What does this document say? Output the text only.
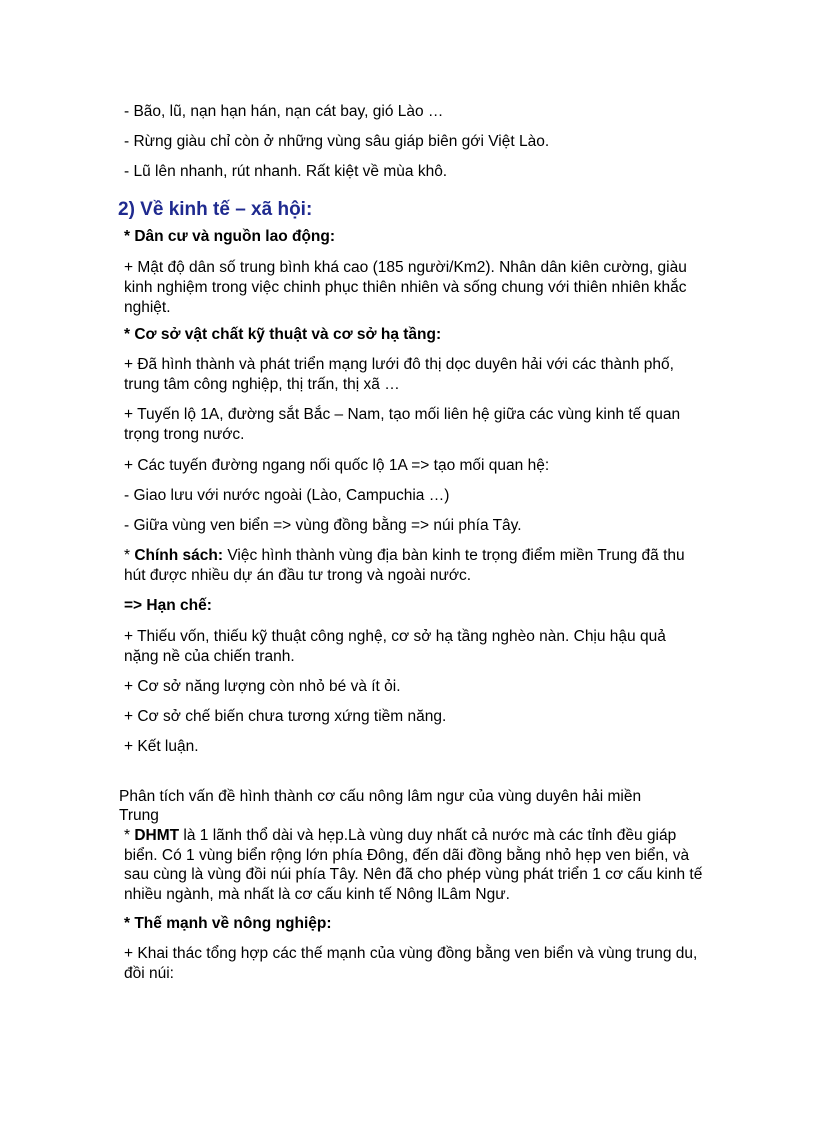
- Bão, lũ, nạn hạn hán, nạn cát bay, gió Lào …

- Rừng giàu chỉ còn ở những vùng sâu giáp biên gới Việt Lào.

- Lũ lên nhanh, rút nhanh. Rất kiệt về mùa khô.

2) Về kinh tế – xã hội:

* Dân cư và nguồn lao động:

+ Mật độ dân số trung bình khá cao (185 người/Km2). Nhân dân kiên cường, giàu kinh nghiệm trong việc chinh phục thiên nhiên và sống chung với thiên nhiên khắc nghiệt.

* Cơ sở vật chất kỹ thuật và cơ sở hạ tầng:

+ Đã hình thành và phát triển mạng lưới đô thị dọc duyên hải với các thành phố, trung tâm công nghiệp, thị trấn, thị xã …

+ Tuyến lộ 1A, đường sắt Bắc – Nam, tạo mối liên hệ giữa các vùng kinh tế quan trọng trong nước.

+ Các tuyến đường ngang nối quốc lộ 1A => tạo mối quan hệ:

- Giao lưu với nước ngoài (Lào, Campuchia …)

- Giữa vùng ven biển => vùng đồng bằng => núi phía Tây.

* Chính sách: Việc hình thành vùng địa bàn kinh te trọng điểm miền Trung đã thu hút được nhiều dự án đầu tư trong và ngoài nước.

=> Hạn chế:

+ Thiếu vốn, thiếu kỹ thuật công nghệ, cơ sở hạ tầng nghèo nàn. Chịu hậu quả nặng nề của chiến tranh.

+ Cơ sở năng lượng còn nhỏ bé và ít ỏi.

+ Cơ sở chế biến chưa tương xứng tiềm năng.

+ Kết luận.

Phân tích vấn đề hình thành cơ cấu nông lâm ngư của vùng duyên hải miền Trung

* DHMT là 1 lãnh thổ dài và hẹp.Là vùng duy nhất cả nước mà các tỉnh đều giáp biển. Có 1 vùng biển rộng lớn phía Đông, đến dãi đồng bằng nhỏ hẹp ven biển, và sau cùng là vùng đồi núi phía Tây. Nên đã cho phép vùng phát triển 1 cơ cấu kinh tế nhiều ngành, mà nhất là cơ cấu kinh tế Nông lLâm Ngư.

* Thế mạnh về nông nghiệp:

+ Khai thác tổng hợp các thế mạnh của vùng đồng bằng ven biển và vùng trung du, đồi núi:
